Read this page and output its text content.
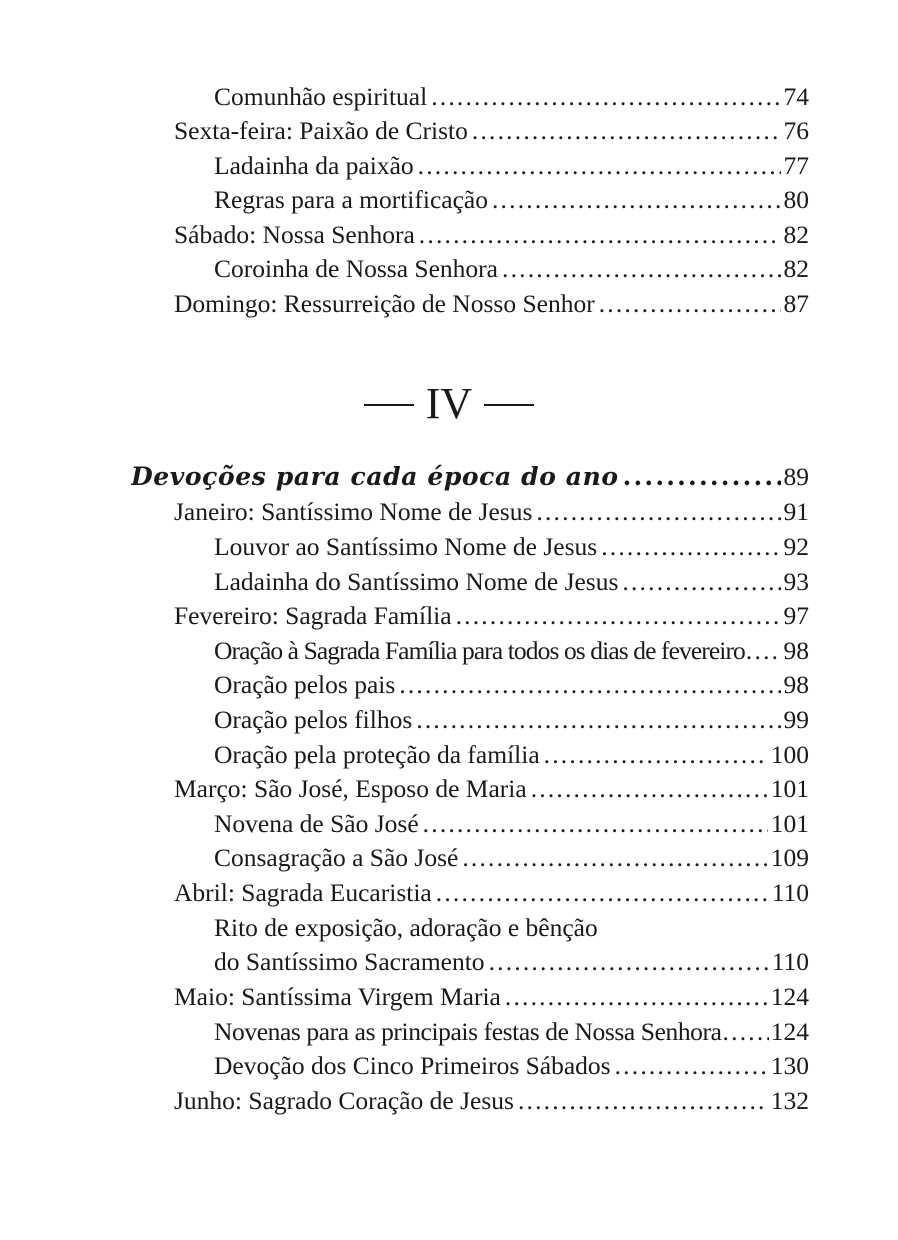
Comunhão espiritual .....	74
Sexta-feira: Paixão de Cristo .....	76
Ladainha da paixão .....	77
Regras para a mortificação .....	80
Sábado: Nossa Senhora .....	82
Coroinha de Nossa Senhora .....	82
Domingo: Ressurreição de Nosso Senhor .....	87
IV
Devoções para cada época do ano .....	89
Janeiro: Santíssimo Nome de Jesus .....	91
Louvor ao Santíssimo Nome de Jesus .....	92
Ladainha do Santíssimo Nome de Jesus .....	93
Fevereiro: Sagrada Família .....	97
Oração à Sagrada Família para todos os dias de fevereiro ..... 98
Oração pelos pais .....	98
Oração pelos filhos .....	99
Oração pela proteção da família .....	100
Março: São José, Esposo de Maria .....	101
Novena de São José .....	101
Consagração a São José .....	109
Abril: Sagrada Eucaristia .....	110
Rito de exposição, adoração e bênção
do Santíssimo Sacramento .....	110
Maio: Santíssima Virgem Maria .....	124
Novenas para as principais festas de Nossa Senhora ..... 124
Devoção dos Cinco Primeiros Sábados .....	130
Junho: Sagrado Coração de Jesus .....	132
